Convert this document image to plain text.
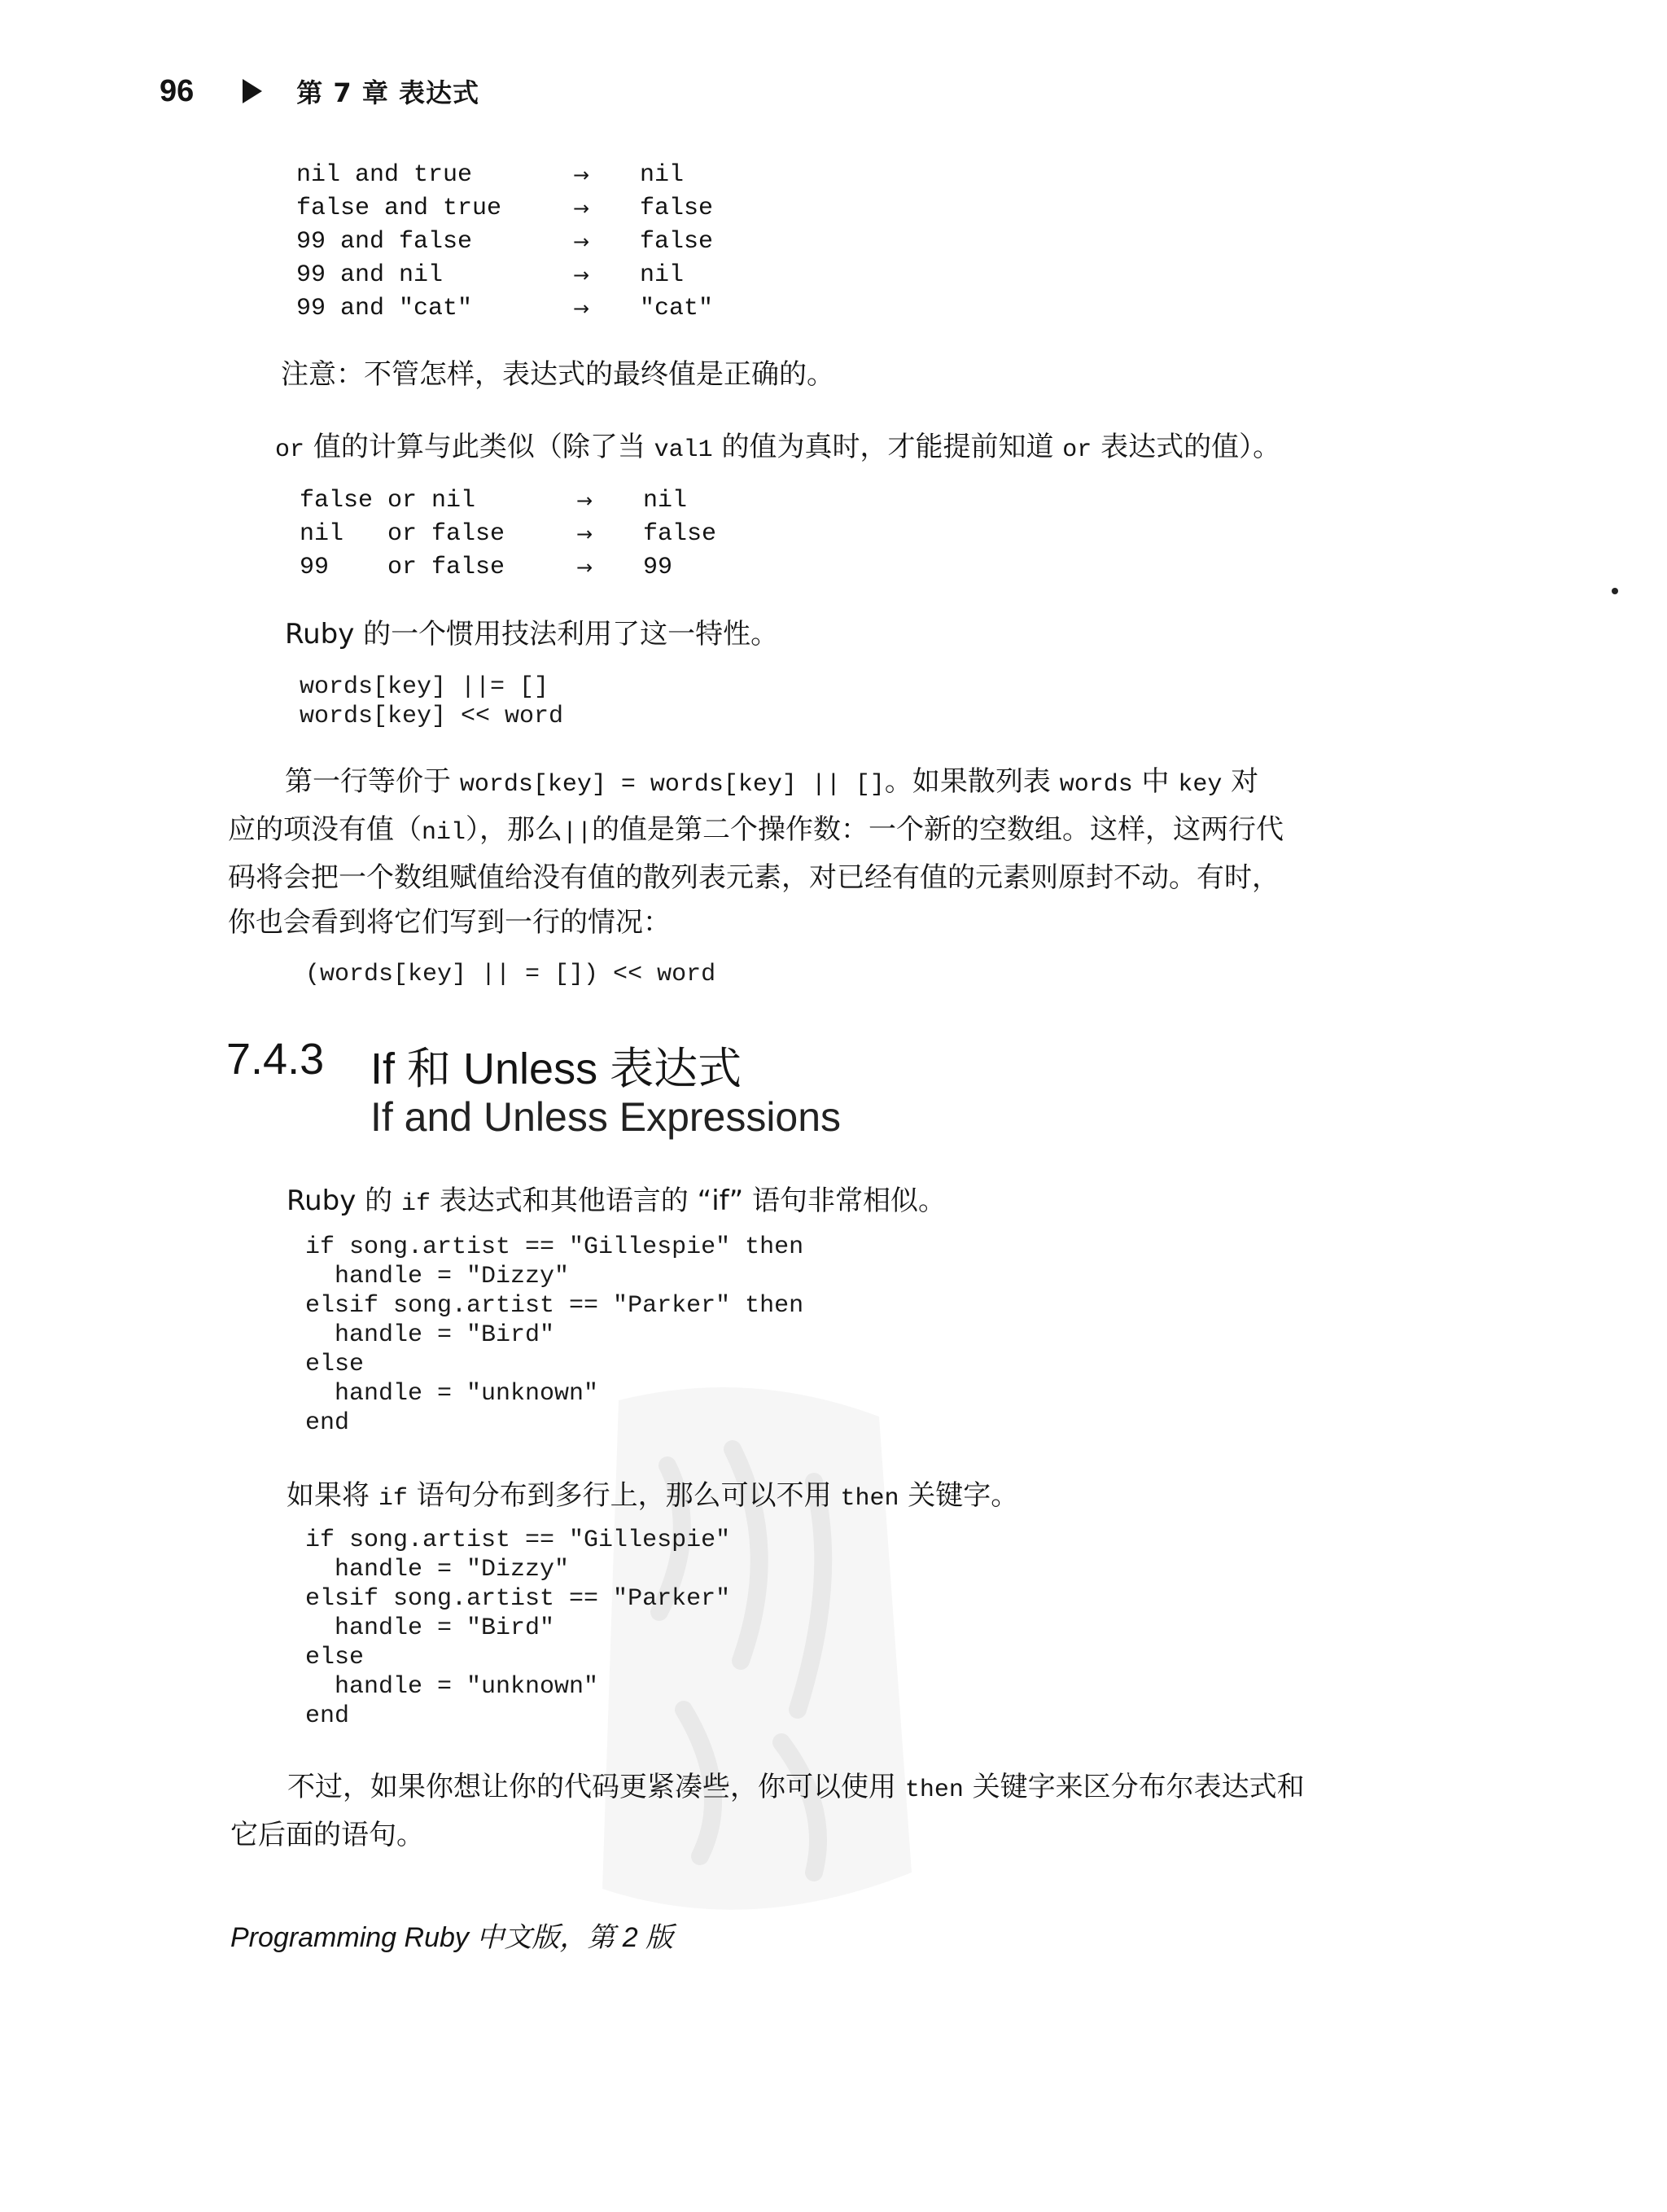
96	第 7 章 表达式
nil and true	→	nil
false and true	→	false
99 and false	→	false
99 and nil	→	nil
99 and "cat"	→	"cat"
注意：不管怎样，表达式的最终值是正确的。
or 值的计算与此类似（除了当 val1 的值为真时，才能提前知道 or 表达式的值）。
false or nil	→	nil
nil   or false	→	false
99    or false	→	99
Ruby 的一个惯用技法利用了这一特性。
words[key] ||= []
words[key] << word
第一行等价于 words[key] = words[key] || []。如果散列表 words 中 key 对
应的项没有值（nil），那么||的值是第二个操作数：一个新的空数组。这样，这两行代
码将会把一个数组赋值给没有值的散列表元素，对已经有值的元素则原封不动。有时，
你也会看到将它们写到一行的情况：
(words[key] || = []) << word
7.4.3 If 和 Unless 表达式
If and Unless Expressions
Ruby 的 if 表达式和其他语言的 “if” 语句非常相似。
if song.artist == "Gillespie" then
handle = "Dizzy"
elsif song.artist == "Parker" then
handle = "Bird"
else
handle = "unknown"
end
如果将 if 语句分布到多行上，那么可以不用 then 关键字。
if song.artist == "Gillespie"
handle = "Dizzy"
elsif song.artist == "Parker"
handle = "Bird"
else
handle = "unknown"
end
不过，如果你想让你的代码更紧凑些，你可以使用 then 关键字来区分布尔表达式和
它后面的语句。
Programming Ruby 中文版，第 2 版
